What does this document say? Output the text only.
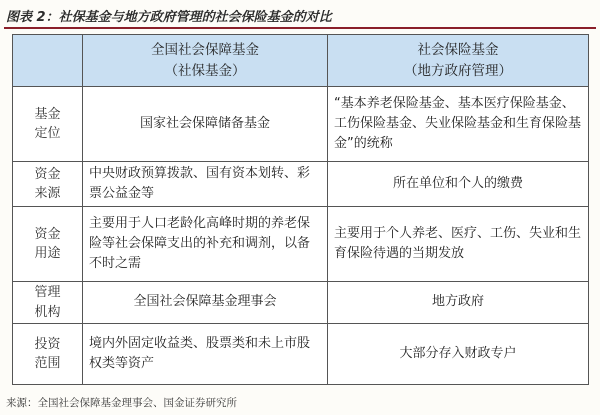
图表 2：社保基金与地方政府管理的社会保险基金的对比
全国社会保障基金
（社保基金）
社会保险基金
（地方政府管理）
基金定位
国家社会保障储备基金
“基本养老保险基金、基本医疗保险基金、工伤保险基金、失业保险基金和生育保险基金”的统称
资金来源
中央财政预算拨款、国有资本划转、彩票公益金等
所在单位和个人的缴费
资金用途
主要用于人口老龄化高峰时期的养老保险等社会保障支出的补充和调剂，以备不时之需
主要用于个人养老、医疗、工伤、失业和生育保险待遇的当期发放
管理机构
全国社会保障基金理事会	地方政府
投资范围
境内外固定收益类、股票类和未上市股权类等资产
大部分存入财政专户
来源：全国社会保障基金理事会、国金证券研究所
